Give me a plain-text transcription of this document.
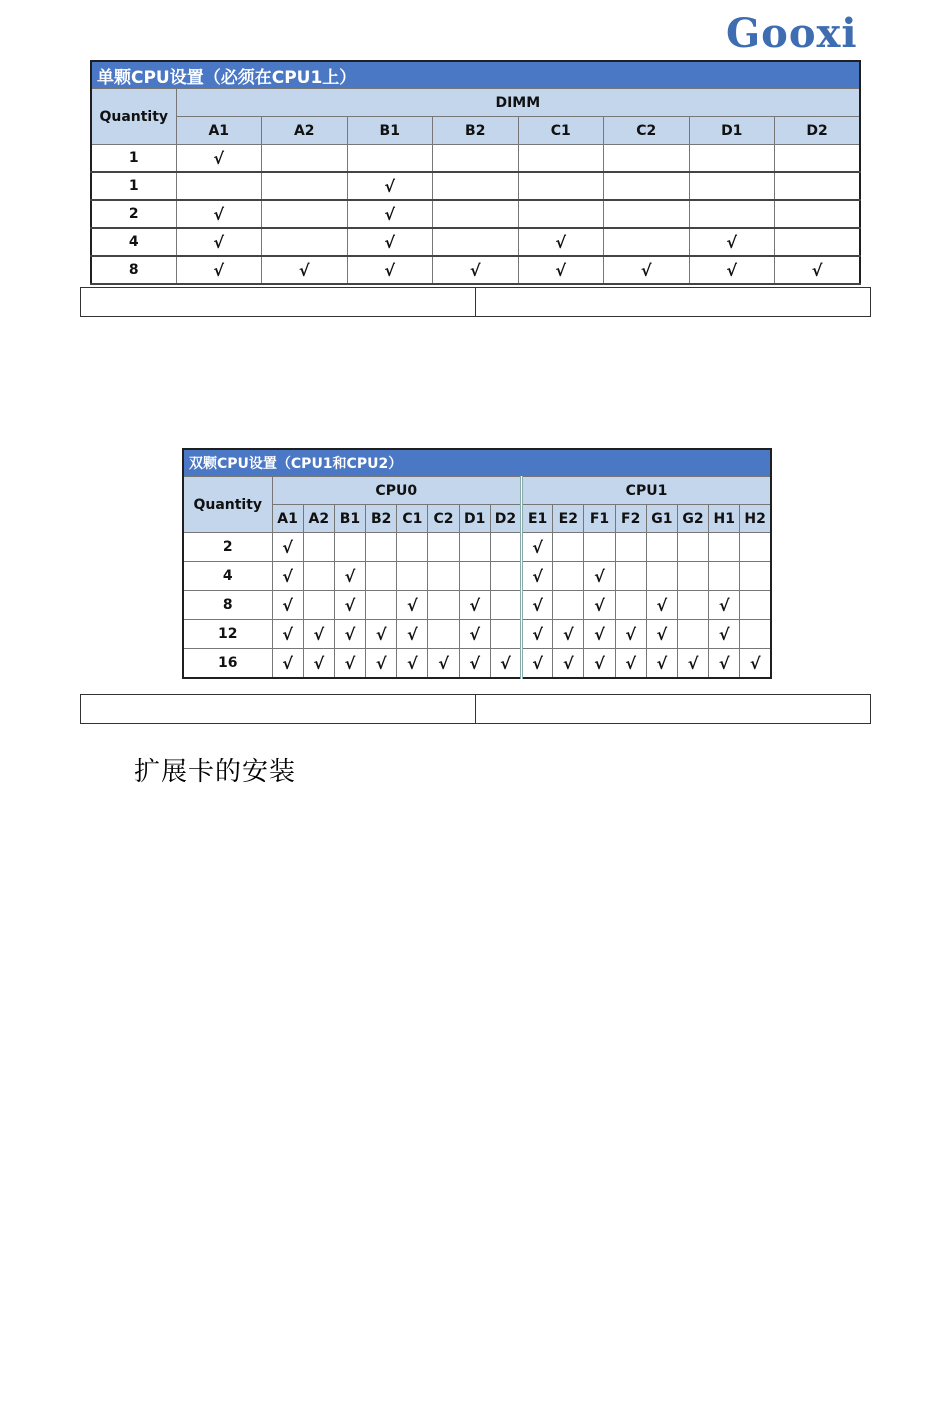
Gooxi
单颗CPU设置（必须在CPU1上）								
Quantity	DIMM							
	A1	A2	B1	B2	C1	C2	D1	D2
1	√							
1			√					
2	√		√					
4	√		√		√		√	
8	√	√	√	√	√	√	√	√
双颗CPU设置（CPU1和CPU2）																
Quantity	CPU0								CPU1							
	A1	A2	B1	B2	C1	C2	D1	D2	E1	E2	F1	F2	G1	G2	H1	H2
2	√								√							
4	√		√						√		√					
8	√		√		√		√		√		√		√		√	
12	√	√	√	√	√		√		√	√	√	√	√		√	
16	√	√	√	√	√	√	√	√	√	√	√	√	√	√	√	√
扩展卡的安装
